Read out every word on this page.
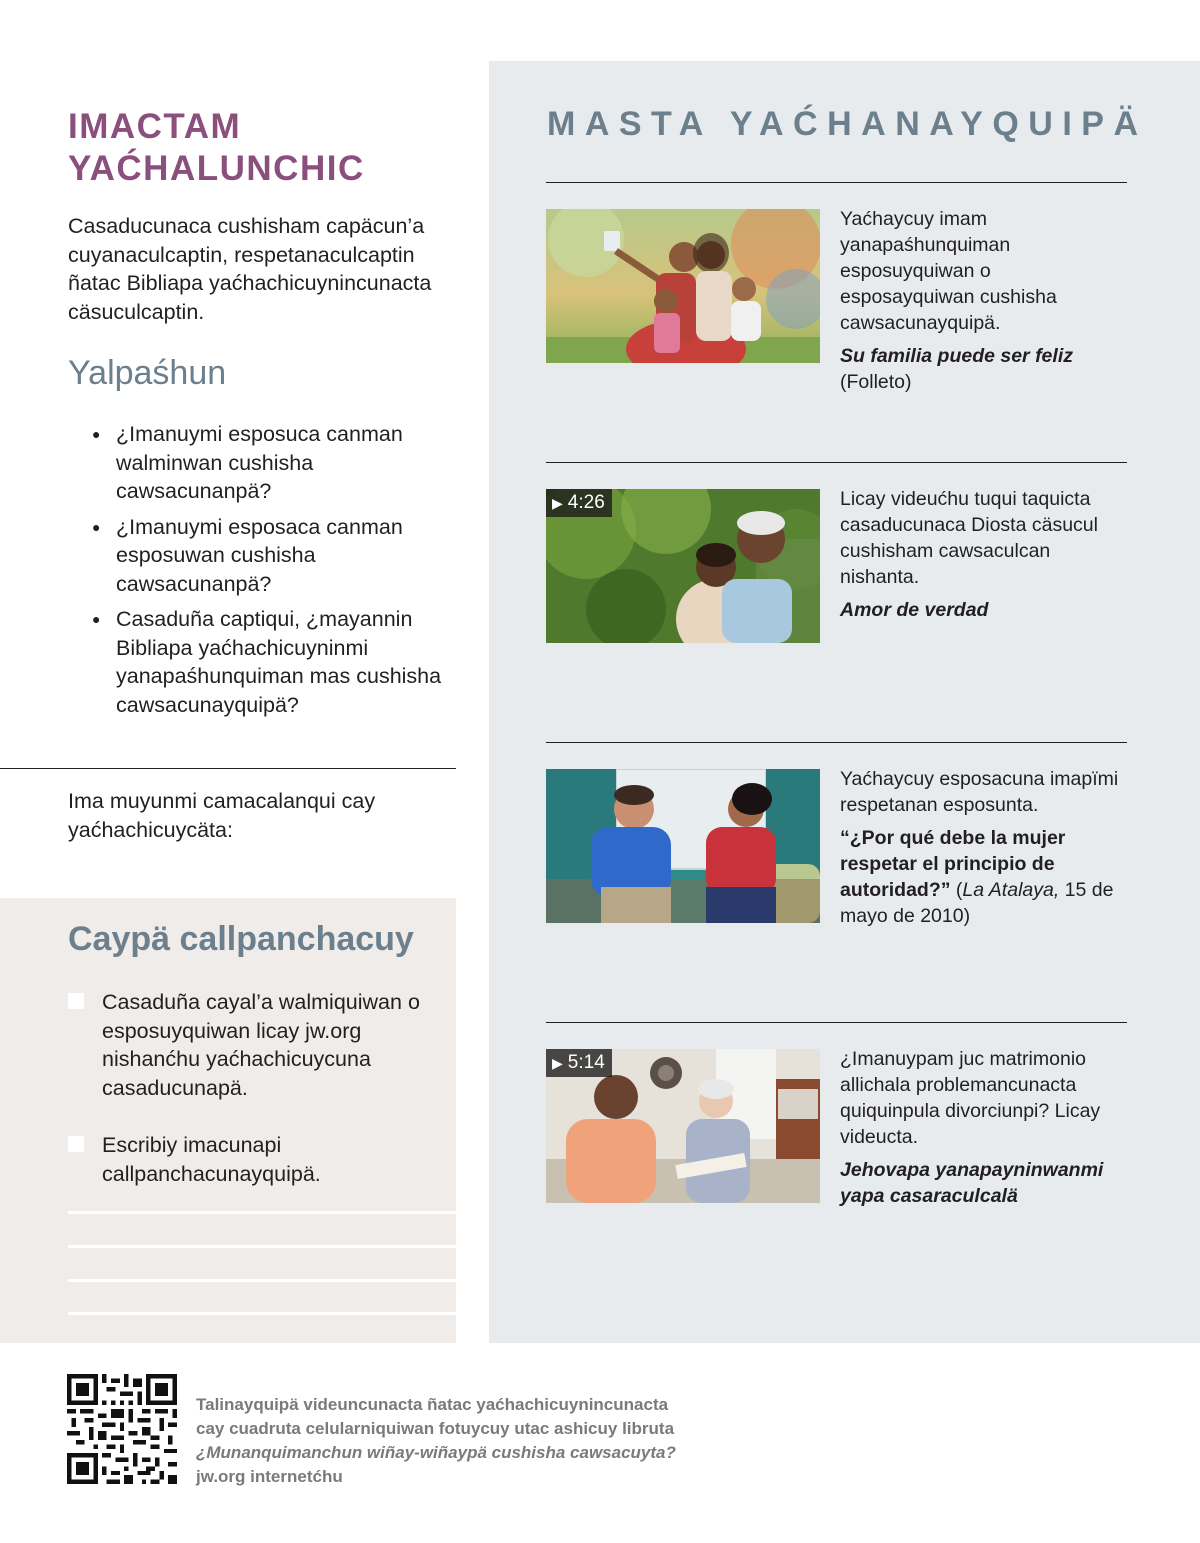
IMACTAM YAĆHALUNCHIC

Casaducunaca cushisham capäcun’a cuyanaculcaptin, respetanaculcaptin ñatac Bibliapa yaćhachicuynincunacta cäsuculcaptin.

Yalpaśhun
● ¿Imanuymi esposuca canman walminwan cushisha cawsacunanpä?
● ¿Imanuymi esposaca canman esposuwan cushisha cawsacunanpä?
● Casaduña captiqui, ¿mayannin Bibliapa yaćhachicuyninmi yanapaśhunquiman mas cushisha cawsacunayquipä?

Ima muyunmi camacalanqui cay yaćhachicuycäta:

Caypä callpanchacuy
Casaduña cayal’a walmiquiwan o esposuyquiwan licay jw.org nishanćhu yaćhachicuycuna casaducunapä.
Escribiy imacunapi callpanchacunayquipä.
MASTA YAĆHANAYQUIPÄ

Yaćhaycuy imam yanapaśhunquiman esposuyquiwan o esposayquiwan cushisha cawsacunayquipä.

Su familia puede ser feliz

(Folleto)

▶ 4:26	Licay videućhu tuqui taquicta casaducunaca Diosta cäsucul cushisham cawsaculcan nishanta.

Amor de verdad

Yaćhaycuy esposacuna imapïmi respetanan esposunta.

“¿Por qué debe la mujer respetar el principio de autoridad?” (La Atalaya, 15 de mayo de 2010)

▶ 5:14	¿Imanuypam juc matrimonio allichala problemancunacta quiquinpula divorciunpi? Licay videucta.

Jehovapa yanapayninwanmi yapa casaraculcalä

Talinayquipä videuncunacta ñatac yaćhachicuynincunacta
cay cuadruta celularniquiwan fotuycuy utac ashicuy libruta
¿Munanquimanchun wiñay-wiñaypä cushisha cawsacuyta?
jw.org internetćhu
